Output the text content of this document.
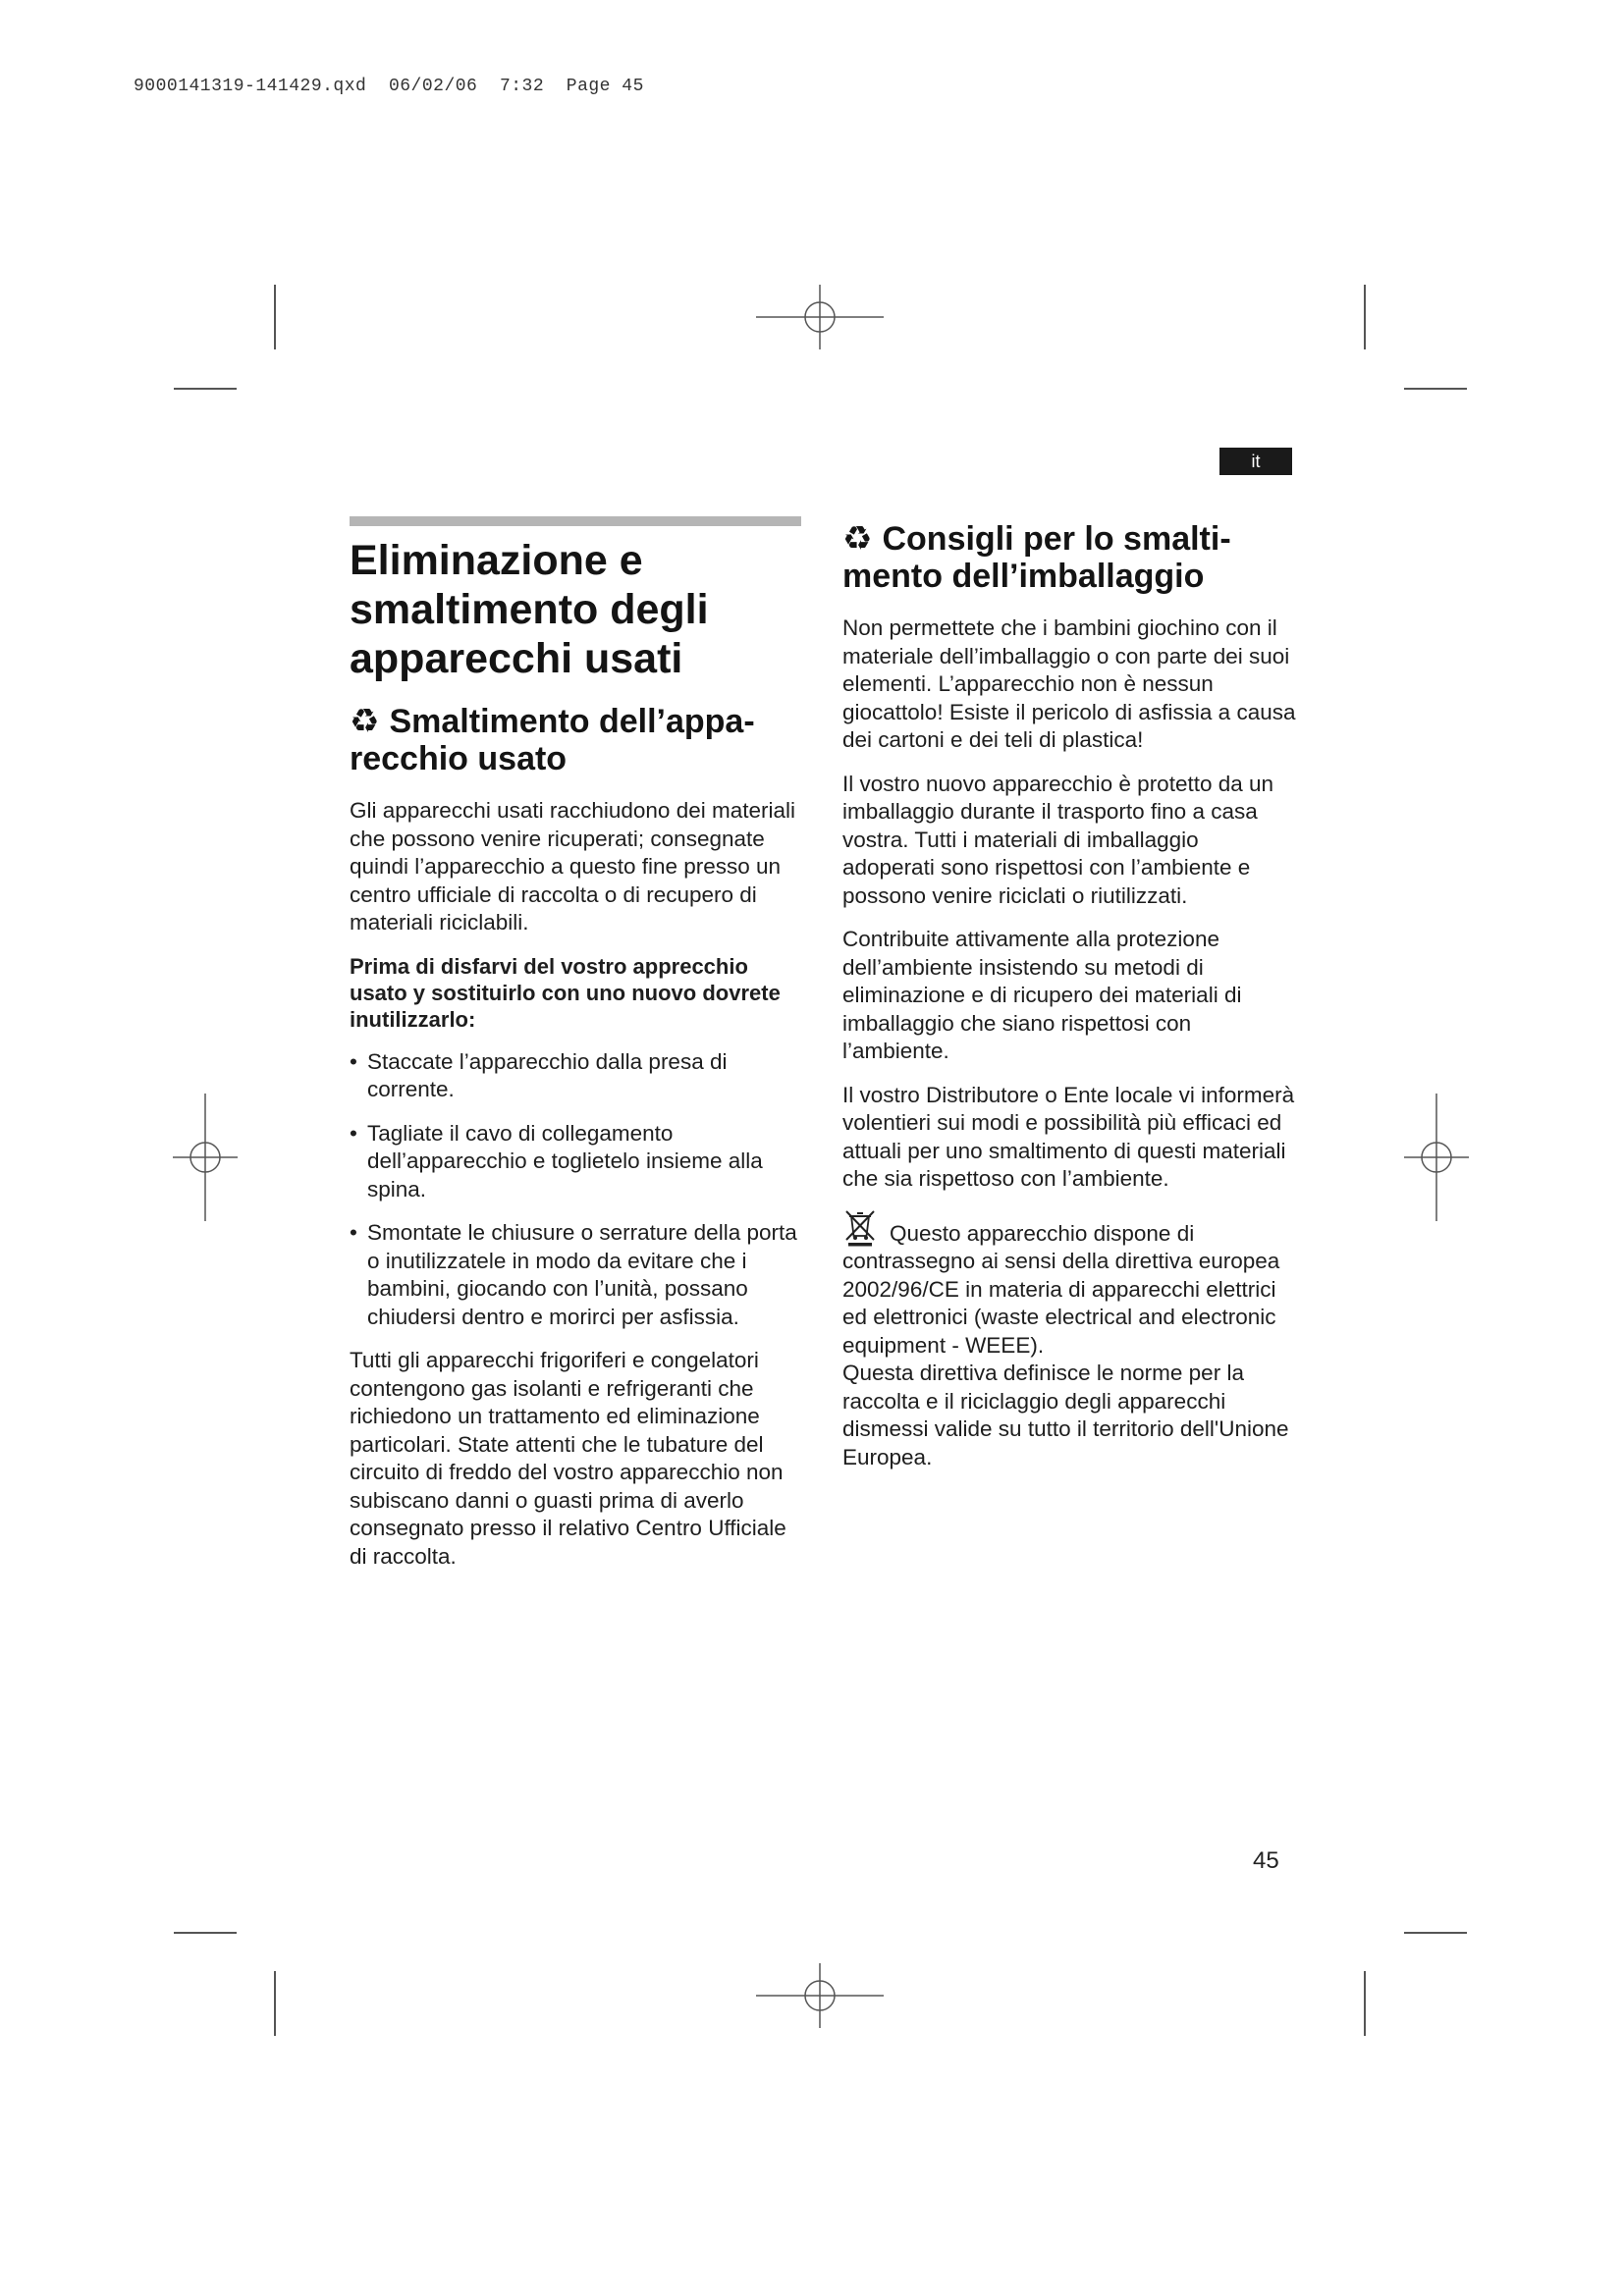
9000141319-141429.qxd  06/02/06  7:32  Page 45
it
Eliminazione e smaltimento degli apparecchi usati
♻ Smaltimento dell’appa-recchio usato

Gli apparecchi usati racchiudono dei materiali che possono venire ricuperati; consegnate quindi l’apparecchio a questo fine presso un centro ufficiale di raccolta o di recupero di materiali riciclabili.

Prima di disfarvi del vostro apprecchio usato y sostituirlo con uno nuovo dovrete inutilizzarlo:

• Staccate l’apparecchio dalla presa di corrente.
• Tagliate il cavo di collegamento dell’apparecchio e toglietelo insieme alla spina.
• Smontate le chiusure o serrature della porta o inutilizzatele in modo da evitare che i bambini, giocando con l’unità, possano chiudersi dentro e morirci per asfissia.

Tutti gli apparecchi frigoriferi e congelatori contengono gas isolanti e refrigeranti che richiedono un trattamento ed eliminazione particolari. State attenti che le tubature del circuito di freddo del vostro apparecchio non subiscano danni o guasti prima di averlo consegnato presso il relativo Centro Ufficiale di raccolta.

♻ Consigli per lo smalti-mento dell’imballaggio

Non permettete che i bambini giochino con il materiale dell’imballaggio o con parte dei suoi elementi. L’apparecchio non è nessun giocattolo! Esiste il pericolo di asfissia a causa dei cartoni e dei teli di plastica!

Il vostro nuovo apparecchio è protetto da un imballaggio durante il trasporto fino a casa vostra. Tutti i materiali di imballaggio adoperati sono rispettosi con l’ambiente e possono venire riciclati o riutilizzati.

Contribuite attivamente alla protezione dell’ambiente insistendo su metodi di eliminazione e di ricupero dei materiali di imballaggio che siano rispettosi con l’ambiente.

Il vostro Distributore o Ente locale vi informerà volentieri sui modi e possibilità più efficaci ed attuali per uno smaltimento di questi materiali che sia rispettoso con l’ambiente.

Questo apparecchio dispone di contrassegno ai sensi della direttiva europea 2002/96/CE in materia di apparecchi elettrici ed elettronici (waste electrical and electronic equipment - WEEE).

Questa direttiva definisce le norme per la raccolta e il riciclaggio degli apparecchi dismessi valide su tutto il territorio dell'Unione Europea.

45
